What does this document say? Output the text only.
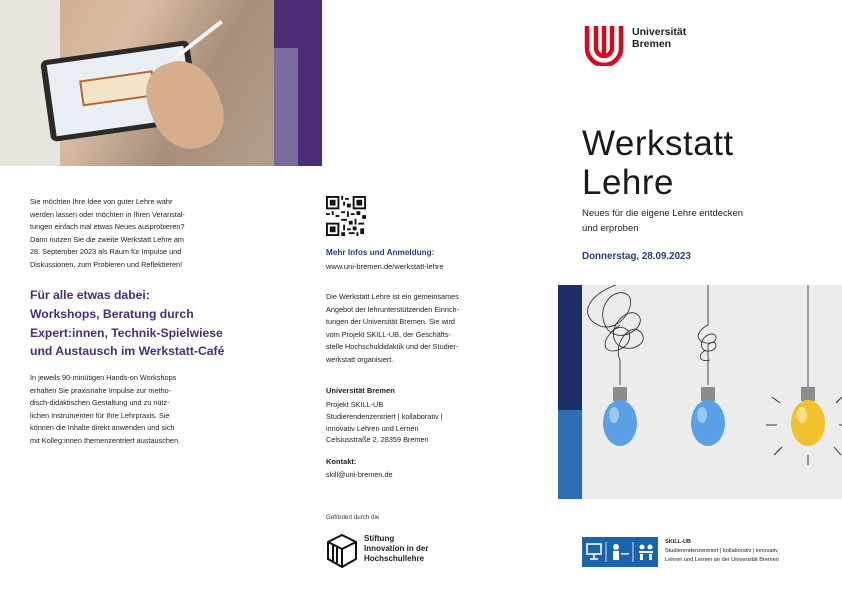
Sie möchten Ihre Idee von guter Lehre wahr
werden lassen oder möchten in Ihren Veranstal-
tungen einfach mal etwas Neues ausprobieren?
Dann nutzen Sie die zweite Werkstatt Lehre am
28. September 2023 als Raum für Impulse und
Diskussionen, zum Probieren und Reflektieren!
Für alle etwas dabei:
Workshops, Beratung durch
Expert:innen, Technik-Spielwiese
und Austausch im Werkstatt-Café
In jeweils 90-minütigen Hands-on Workshops
erhalten Sie praxisnahe Impulse zur metho-
disch-didaktischen Gestaltung und zu nütz-
lichen Instrumenten für Ihre Lehrpraxis. Sie
können die Inhalte direkt anwenden und sich
mit Kolleg:innen themenzentriert austauschen.
Mehr Infos und Anmeldung:
www.uni-bremen.de/werkstatt-lehre
Die Werkstatt Lehre ist ein gemeinsames
Angebot der lehrunterstützenden Einrich-
tungen der Universität Bremen. Sie wird
vom Projekt SKILL-UB, der Geschäfts-
stelle Hochschuldidaktik und der Studier-
werkstatt organisiert.
Universität Bremen
Projekt SKILL-UB
Studierendenzentriert | kollaborativ |
innovativ Lehren und Lernen
Celsiusstraße 2, 28359 Bremen
Kontakt:
skill@uni-bremen.de
Gefördert durch die
Stiftung
Innovation in der
Hochschullehre
Universität
Bremen
Werkstatt
Lehre
Neues für die eigene Lehre entdecken
und erproben
Donnerstag, 28.09.2023
SKILL-UB
Studierendenzentriert | kollaborativ | innovativ
Lehren und Lernen an der Universität Bremen
